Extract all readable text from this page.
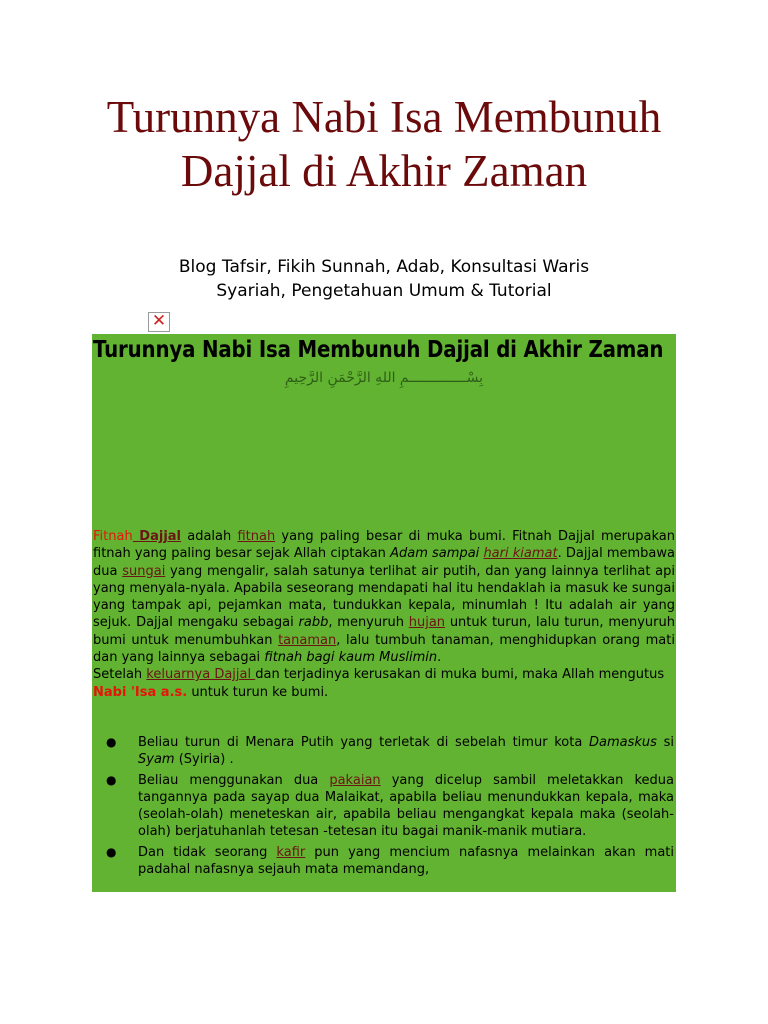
Turunnya Nabi Isa Membunuh Dajjal di Akhir Zaman
Blog Tafsir, Fikih Sunnah, Adab, Konsultasi Waris
Syariah, Pengetahuan Umum & Tutorial
✕
Turunnya Nabi Isa Membunuh Dajjal di Akhir Zaman
بِسْــــــــــــــمِ اللهِ الرَّحْمَنِ الرَّحِيمِ

Fitnah Dajjal adalah fitnah yang paling besar di muka bumi. Fitnah Dajjal merupakan fitnah yang paling besar sejak Allah ciptakan Adam sampai hari kiamat. Dajjal membawa dua sungai yang mengalir, salah satunya terlihat air putih, dan yang lainnya terlihat api yang menyala-nyala. Apabila seseorang mendapati hal itu hendaklah ia masuk ke sungai yang tampak api, pejamkan mata, tundukkan kepala, minumlah ! Itu adalah air yang sejuk. Dajjal mengaku sebagai rabb, menyuruh hujan untuk turun, lalu turun, menyuruh bumi untuk menumbuhkan tanaman, lalu tumbuh tanaman, menghidupkan orang mati dan yang lainnya sebagai fitnah bagi kaum Muslimin.

Setelah keluarnya Dajjal dan terjadinya kerusakan di muka bumi, maka Allah mengutus Nabi 'Isa a.s. untuk turun ke bumi.

● Beliau turun di Menara Putih yang terletak di sebelah timur kota Damaskus si Syam (Syiria) .
● Beliau menggunakan dua pakaian yang dicelup sambil meletakkan kedua tangannya pada sayap dua Malaikat, apabila beliau menundukkan kepala, maka (seolah-olah) meneteskan air, apabila beliau mengangkat kepala maka (seolah-olah) berjatuhanlah tetesan -tetesan itu bagai manik-manik mutiara.
● Dan tidak seorang kafir pun yang mencium nafasnya melainkan akan mati padahal nafasnya sejauh mata memandang,
